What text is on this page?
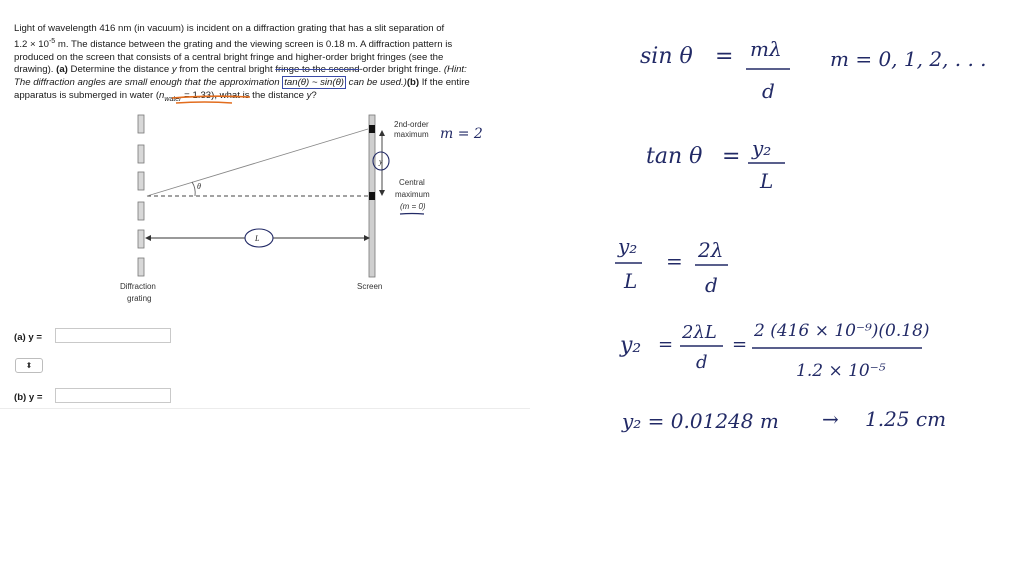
Light of wavelength 416 nm (in vacuum) is incident on a diffraction grating that has a slit separation of

$1.2 \times 10^{-5}$ m. The distance between the grating and the viewing screen is 0.18 m. A diffraction pattern is

produced on the screen that consists of a central bright fringe and higher-order bright fringes (see the

drawing). (a) Determine the distance y from the central bright fringe to the second-order bright fringe. (Hint:

The diffraction angles are small enough that the approximation tan(θ) ~ sin(θ) can be used.)(b) If the entire

apparatus is submerged in water $(n_{water} = 1.33)$, what is the distance y?

θ
y
L
2nd-order
maximum m = 2
Central
maximum
(m = 0)
Diffraction
grating
Screen
(a) y =
⬍
(b) y =
sin θ = mλ
d
m = 0, 1, 2, . . .
tan θ = y₂
L
y₂
L
= 2λ
d
y₂ =
2λL
d
=
2 (416 × 10⁻⁹)(0.18)
1.2 × 10⁻⁵
y₂ = 0.01248 m → 1.25 cm
